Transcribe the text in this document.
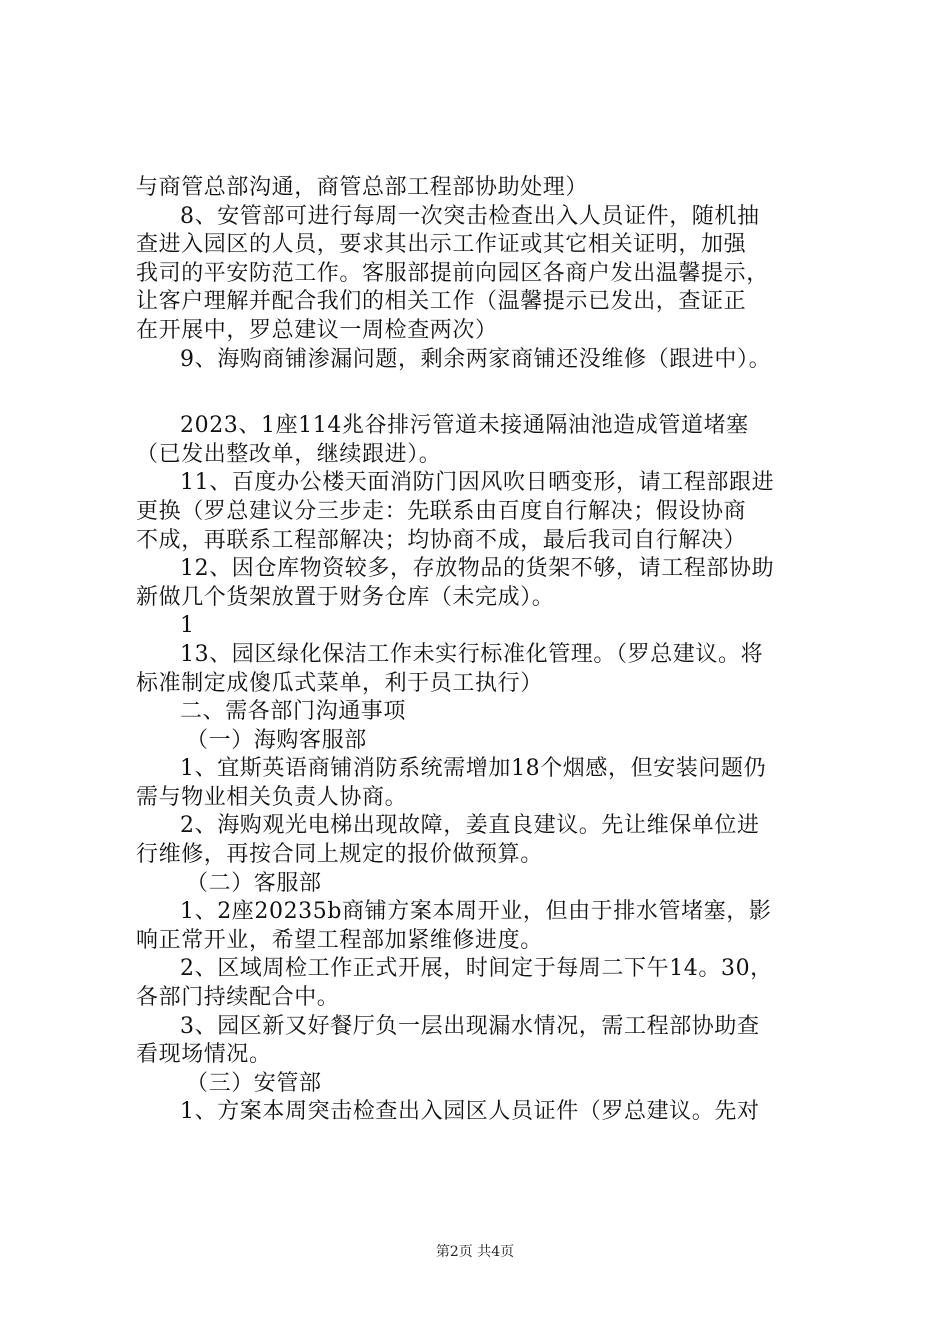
与商管总部沟通，商管总部工程部协助处理）
8、安管部可进行每周一次突击检查出入人员证件，随机抽
查进入园区的人员，要求其出示工作证或其它相关证明，加强
我司的平安防范工作。客服部提前向园区各商户发出温馨提示，
让客户理解并配合我们的相关工作（温馨提示已发出，查证正
在开展中，罗总建议一周检查两次）
9、海购商铺渗漏问题，剩余两家商铺还没维修（跟进中）。
2023、1座114兆谷排污管道未接通隔油池造成管道堵塞
（已发出整改单，继续跟进）。
11、百度办公楼天面消防门因风吹日晒变形，请工程部跟进
更换（罗总建议分三步走：先联系由百度自行解决；假设协商
不成，再联系工程部解决；均协商不成，最后我司自行解决）
12、因仓库物资较多，存放物品的货架不够，请工程部协助
新做几个货架放置于财务仓库（未完成）。
1
13、园区绿化保洁工作未实行标准化管理。（罗总建议。将
标准制定成傻瓜式菜单，利于员工执行）
二、需各部门沟通事项
（一）海购客服部
1、宜斯英语商铺消防系统需增加18个烟感，但安装问题仍
需与物业相关负责人协商。
2、海购观光电梯出现故障，姜直良建议。先让维保单位进
行维修，再按合同上规定的报价做预算。
（二）客服部
1、2座20235b商铺方案本周开业，但由于排水管堵塞，影
响正常开业，希望工程部加紧维修进度。
2、区域周检工作正式开展，时间定于每周二下午14。30，
各部门持续配合中。
3、园区新又好餐厅负一层出现漏水情况，需工程部协助查
看现场情况。
（三）安管部
1、方案本周突击检查出入园区人员证件（罗总建议。先对
第2页 共4页
